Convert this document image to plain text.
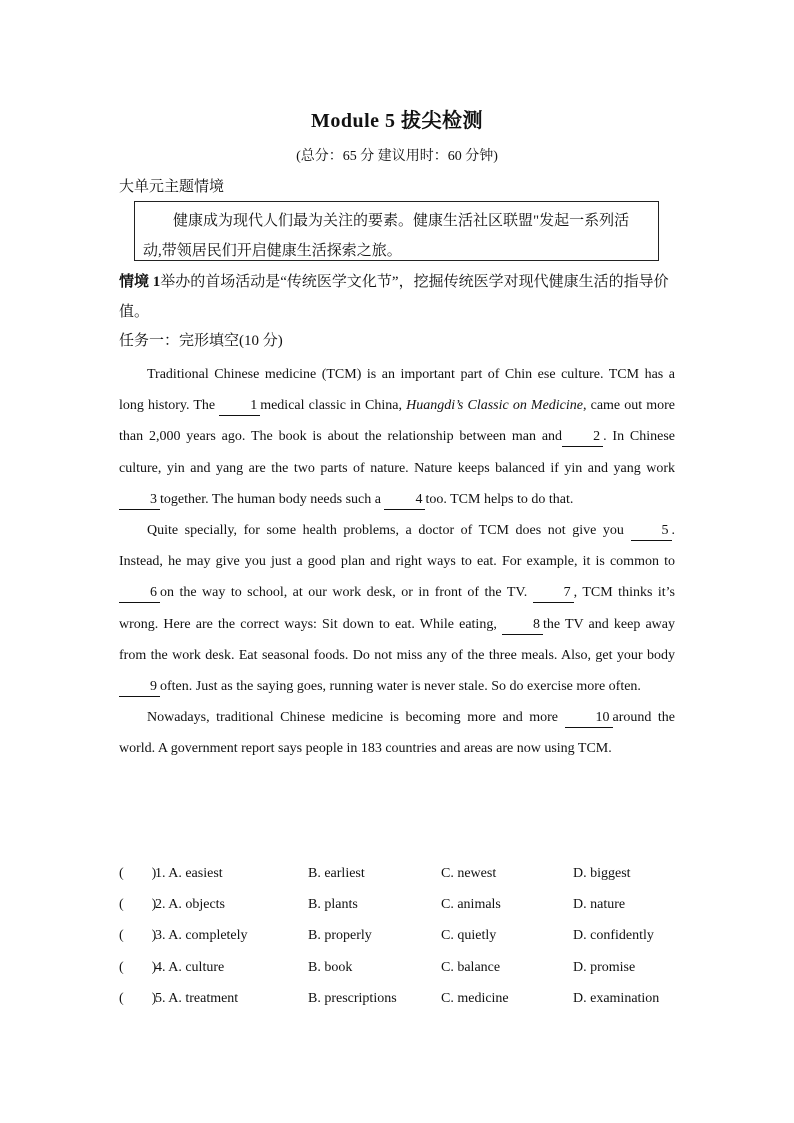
Module 5 拔尖检测
(总分：65 分 建议用时：60 分钟)
大单元主题情境
健康成为现代人们最为关注的要素。健康生活社区联盟"发起一系列活
动,带领居民们开启健康生活探索之旅。
情境 1举办的首场活动是“传统医学文化节”，挖掘传统医学对现代健康生活的指导价值。
任务一：完形填空(10 分)

Traditional Chinese medicine (TCM) is an important part of Chin ese culture. TCM has a long history. The	1 medical classic in China, Huangdi’s Classic on Medicine, came out more than 2,000 years ago. The book is about the relationship between man and 2 . In Chinese culture, yin and yang are the two parts of nature. Nature keeps balanced if yin and yang work 3 together. The human body needs such a 4 too. TCM helps to do that.

Quite specially, for some health problems, a doctor of TCM does not give you	5 . Instead, he may give you just a good plan and right ways to eat. For example, it is common to 6 on the way to school, at our work desk, or in front of the TV.	7 , TCM thinks it’s wrong. Here are the correct ways: Sit down to eat. While eating,	8 the TV and keep away from the work desk. Eat seasonal foods. Do not miss any of the three meals. Also, get your body 9 often. Just as the saying goes, running water is never stale. So do exercise more often.

Nowadays, traditional Chinese medicine is becoming more and more	10 around the world. A government report says people in 183 countries and areas are now using TCM.

(　　)
1. A. easiest	B. earliest	C. newest	D. biggest
(　　)
2. A. objects	B. plants	C. animals	D. nature
(　　)
3. A. completely	B. properly	C. quietly	D. confidently
(　　)
4. A. culture	B. book	C. balance	D. promise
(　　)
5. A. treatment	B. prescriptions	C. medicine	D. examination
